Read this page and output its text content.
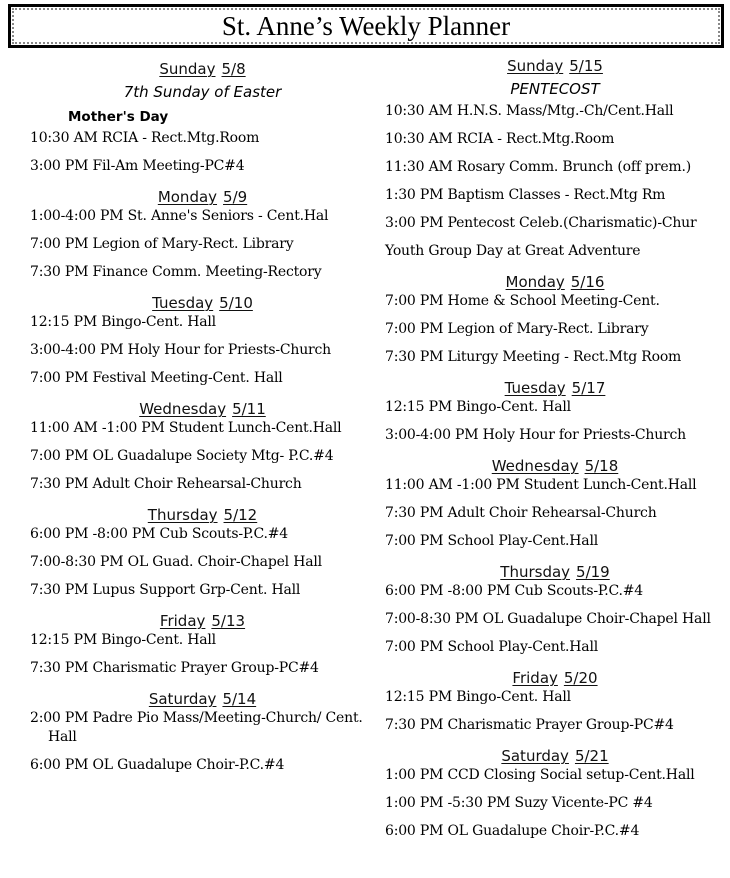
St. Anne’s Weekly Planner
Sunday 5/8
7th Sunday of Easter
Mother's Day
10:30 AM RCIA - Rect.Mtg.Room
3:00 PM Fil-Am Meeting-PC#4
Monday 5/9
1:00-4:00 PM St. Anne's Seniors - Cent.Hal
7:00 PM Legion of Mary-Rect. Library
7:30 PM Finance Comm. Meeting-Rectory
Tuesday 5/10
12:15 PM Bingo-Cent. Hall
3:00-4:00 PM Holy Hour for Priests-Church
7:00 PM Festival Meeting-Cent. Hall
Wednesday 5/11
11:00 AM -1:00 PM Student Lunch-Cent.Hall
7:00 PM OL Guadalupe Society Mtg- P.C.#4
7:30 PM Adult Choir Rehearsal-Church
Thursday 5/12
6:00 PM -8:00 PM Cub Scouts-P.C.#4
7:00-8:30 PM OL Guad. Choir-Chapel Hall
7:30 PM Lupus Support Grp-Cent. Hall
Friday 5/13
12:15 PM Bingo-Cent. Hall
7:30 PM Charismatic Prayer Group-PC#4
Saturday 5/14
2:00 PM Padre Pio Mass/Meeting-Church/ Cent. Hall
6:00 PM OL Guadalupe Choir-P.C.#4
Sunday 5/15
PENTECOST
10:30 AM H.N.S. Mass/Mtg.-Ch/Cent.Hall
10:30 AM RCIA - Rect.Mtg.Room
11:30 AM Rosary Comm. Brunch (off prem.)
1:30 PM Baptism Classes - Rect.Mtg Rm
3:00 PM Pentecost Celeb.(Charismatic)-Chur
Youth Group Day at Great Adventure
Monday 5/16
7:00 PM Home & School Meeting-Cent.
7:00 PM Legion of Mary-Rect. Library
7:30 PM Liturgy Meeting - Rect.Mtg Room
Tuesday 5/17
12:15 PM Bingo-Cent. Hall
3:00-4:00 PM Holy Hour for Priests-Church
Wednesday 5/18
11:00 AM -1:00 PM Student Lunch-Cent.Hall
7:30 PM Adult Choir Rehearsal-Church
7:00 PM School Play-Cent.Hall
Thursday 5/19
6:00 PM -8:00 PM Cub Scouts-P.C.#4
7:00-8:30 PM OL Guadalupe Choir-Chapel Hall
7:00 PM School Play-Cent.Hall
Friday 5/20
12:15 PM Bingo-Cent. Hall
7:30 PM Charismatic Prayer Group-PC#4
Saturday 5/21
1:00 PM CCD Closing Social setup-Cent.Hall
1:00 PM -5:30 PM Suzy Vicente-PC #4
6:00 PM OL Guadalupe Choir-P.C.#4
